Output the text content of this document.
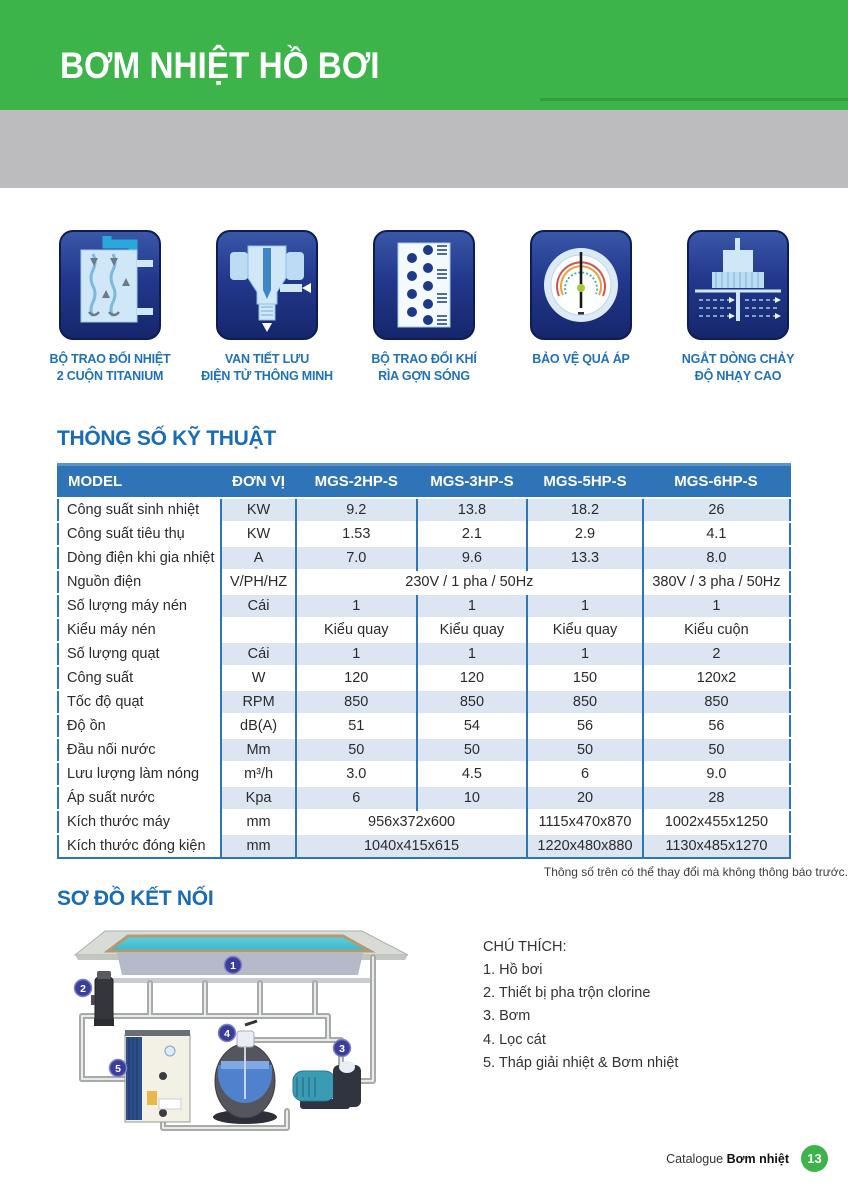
BƠM NHIỆT HỒ BƠI
BỘ TRAO ĐỔI NHIỆT
2 CUỘN TITANIUM
VAN TIẾT LƯU
ĐIỆN TỬ THÔNG MINH
BỘ TRAO ĐỔI KHÍ
RÌA GỢN SÓNG
BẢO VỆ QUÁ ÁP	NGẮT DÒNG CHẢY
ĐỘ NHẠY CAO
THÔNG SỐ KỸ THUẬT
MODEL	ĐƠN VỊ	MGS-2HP-S	MGS-3HP-S	MGS-5HP-S	MGS-6HP-S
Công suất sinh nhiệt	KW	9.2	13.8	18.2	26
Công suất tiêu thụ	KW	1.53	2.1	2.9	4.1
Dòng điện khi gia nhiệt	A	7.0	9.6	13.3	8.0
Nguồn điện	V/PH/HZ	230V / 1 pha / 50Hz			380V / 3 pha / 50Hz
Số lượng máy nén	Cái	1	1	1	1
Kiểu máy nén		Kiểu quay	Kiểu quay	Kiểu quay	Kiểu cuộn
Số lượng quạt	Cái	1	1	1	2
Công suất	W	120	120	150	120x2
Tốc độ quạt	RPM	850	850	850	850
Độ ồn	dB(A)	51	54	56	56
Đầu nối nước	Mm	50	50	50	50
Lưu lượng làm nóng	m³/h	3.0	4.5	6	9.0
Áp suất nước	Kpa	6	10	20	28
Kích thước máy	mm	956x372x600		1115x470x870	1002x455x1250
Kích thước đóng kiện	mm	1040x415x615		1220x480x880	1130x485x1270
Thông số trên có thể thay đổi mà không thông báo trước.
SƠ ĐỒ KẾT NỐI
1
2
3
4
5
CHÚ THÍCH:
1. Hồ bơi
2. Thiết bị pha trộn clorine
3. Bơm
4. Lọc cát
5. Tháp giải nhiệt & Bơm nhiệt
Catalogue Bơm nhiệt	13
